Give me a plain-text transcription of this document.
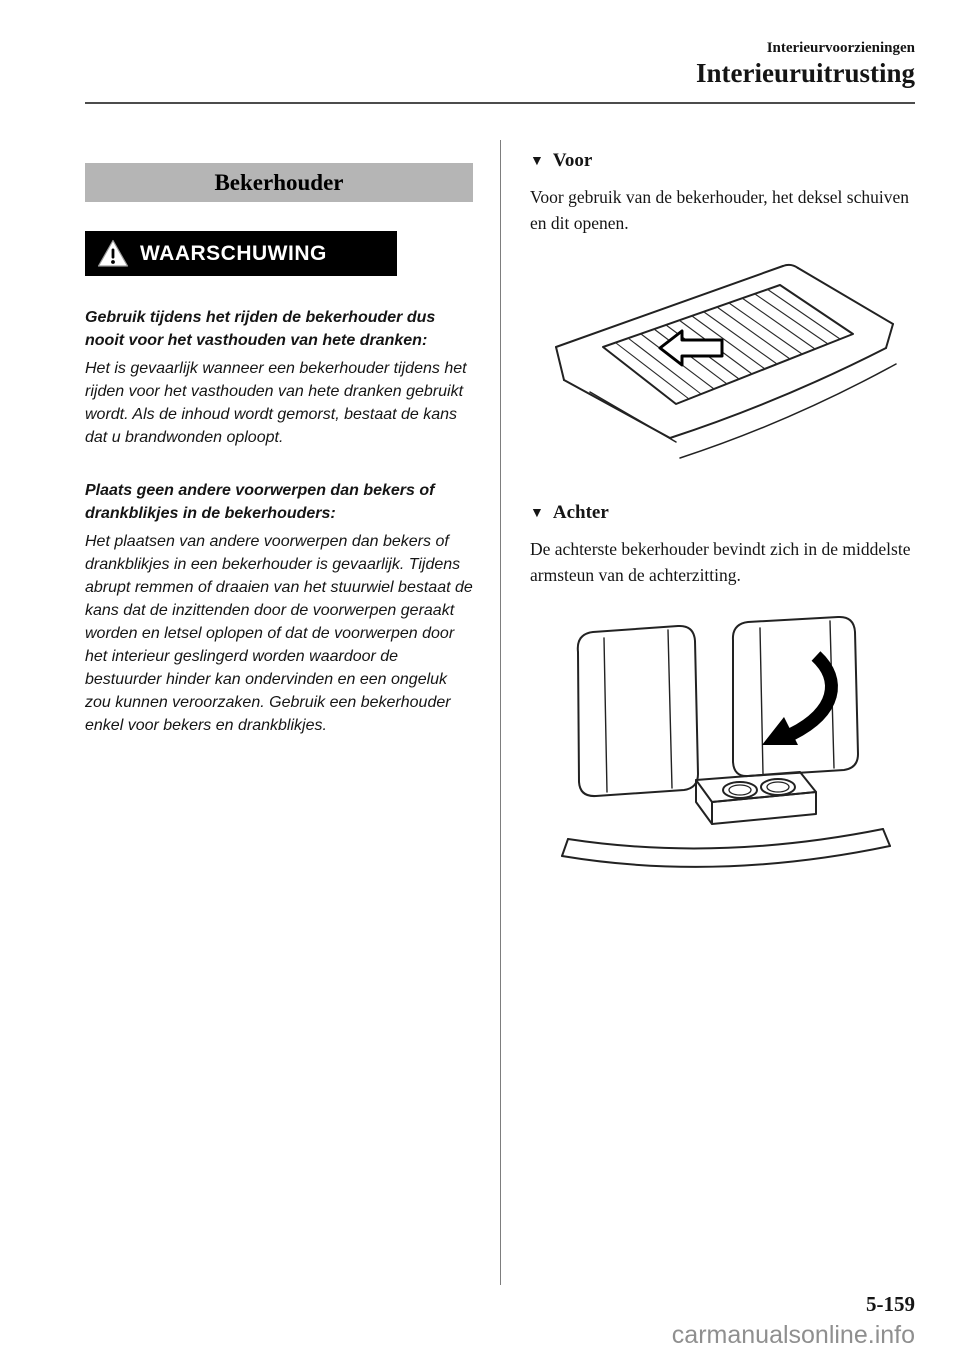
Interieurvoorzieningen
Interieuruitrusting
Bekerhouder
WAARSCHUWING

Gebruik tijdens het rijden de bekerhouder dus nooit voor het vasthouden van hete dranken:

Het is gevaarlijk wanneer een bekerhouder tijdens het rijden voor het vasthouden van hete dranken gebruikt wordt. Als de inhoud wordt gemorst, bestaat de kans dat u brandwonden oploopt.

Plaats geen andere voorwerpen dan bekers of drankblikjes in de bekerhouders:

Het plaatsen van andere voorwerpen dan bekers of drankblikjes in een bekerhouder is gevaarlijk. Tijdens abrupt remmen of draaien van het stuurwiel bestaat de kans dat de inzittenden door de voorwerpen geraakt worden en letsel oplopen of dat de voorwerpen door het interieur geslingerd worden waardoor de bestuurder hinder kan ondervinden en een ongeluk zou kunnen veroorzaken. Gebruik een bekerhouder enkel voor bekers en drankblikjes.

▼ Voor

Voor gebruik van de bekerhouder, het deksel schuiven en dit openen.

▼ Achter

De achterste bekerhouder bevindt zich in de middelste armsteun van de achterzitting.

5-159
carmanualsonline.info
